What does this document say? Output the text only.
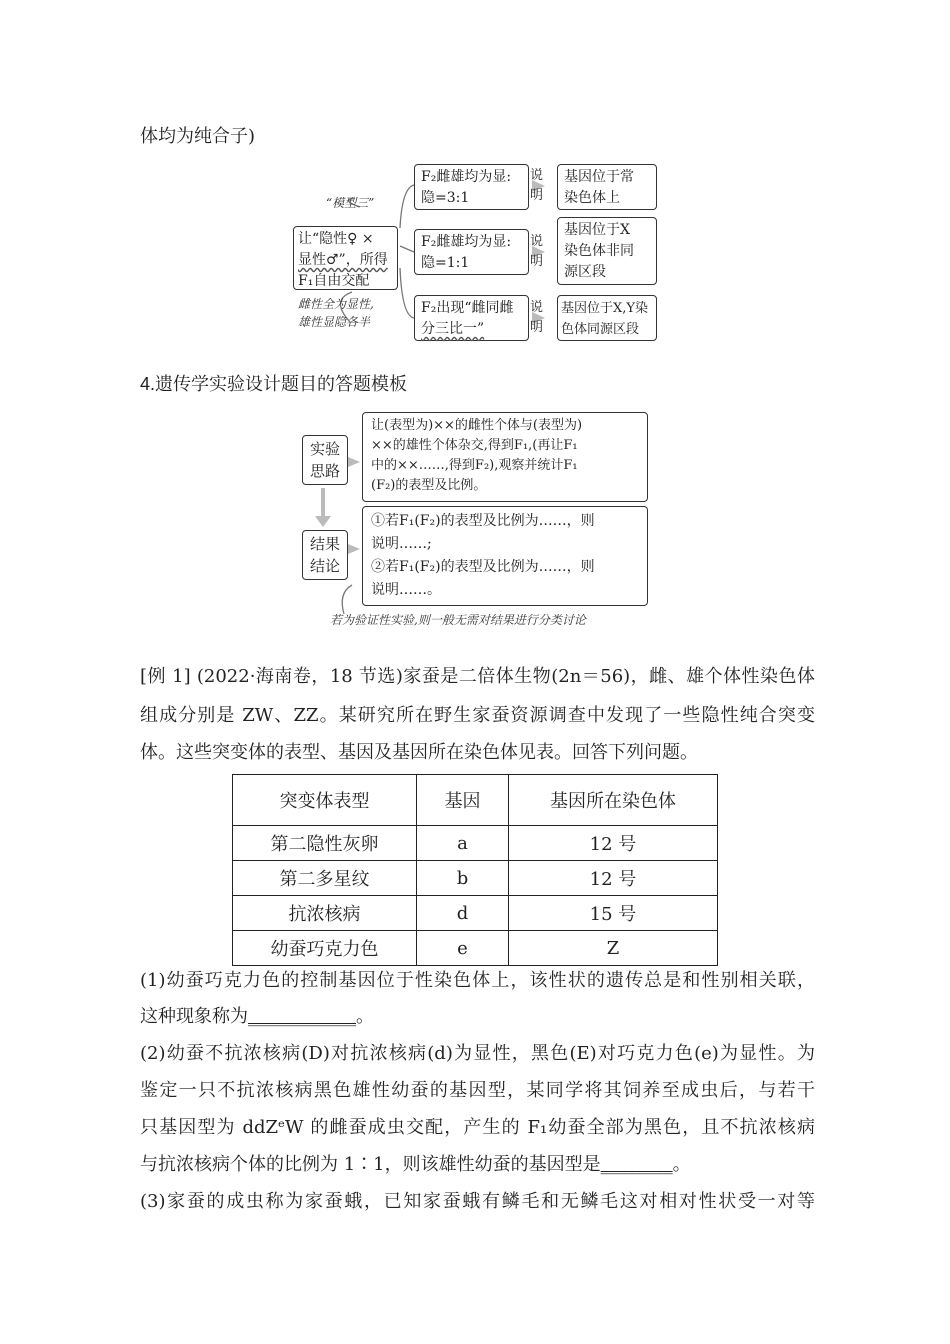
体均为纯合子)
“模型三”
让“隐性♀ ×
显性♂”，所得
F₁自由交配
雌性全为显性,
雄性显隐各半
F₂雌雄均为显:
隐=3:1
说明
基因位于常
染色体上
F₂雌雄均为显:
隐=1:1
说明
基因位于X
染色体非同
源区段
F₂出现“雌同雌
分三比一”
说明
基因位于X,Y染
色体同源区段
4.遗传学实验设计题目的答题模板
实验
思路
让(表型为)××的雌性个体与(表型为)
××的雄性个体杂交,得到F₁,(再让F₁
中的××……,得到F₂),观察并统计F₁
(F₂)的表型及比例。
结果
结论
①若F₁(F₂)的表型及比例为……，则
说明……;
②若F₁(F₂)的表型及比例为……，则
说明……。
若为验证性实验,则一般无需对结果进行分类讨论
[例 1] (2022·海南卷，18 节选)家蚕是二倍体生物(2n＝56)，雌、雄个体性染色体
组成分别是 ZW、ZZ。某研究所在野生家蚕资源调查中发现了一些隐性纯合突变
体。这些突变体的表型、基因及基因所在染色体见表。回答下列问题。
突变体表型	基因	基因所在染色体
第二隐性灰卵	a	12 号
第二多星纹	b	12 号
抗浓核病	d	15 号
幼蚕巧克力色	e	Z
(1)幼蚕巧克力色的控制基因位于性染色体上，该性状的遗传总是和性别相关联，
这种现象称为____________。
(2)幼蚕不抗浓核病(D)对抗浓核病(d)为显性，黑色(E)对巧克力色(e)为显性。为
鉴定一只不抗浓核病黑色雄性幼蚕的基因型，某同学将其饲养至成虫后，与若干
只基因型为 ddZᵉW 的雌蚕成虫交配，产生的 F₁幼蚕全部为黑色，且不抗浓核病
与抗浓核病个体的比例为 1∶1，则该雄性幼蚕的基因型是________。
(3)家蚕的成虫称为家蚕蛾，已知家蚕蛾有鳞毛和无鳞毛这对相对性状受一对等
